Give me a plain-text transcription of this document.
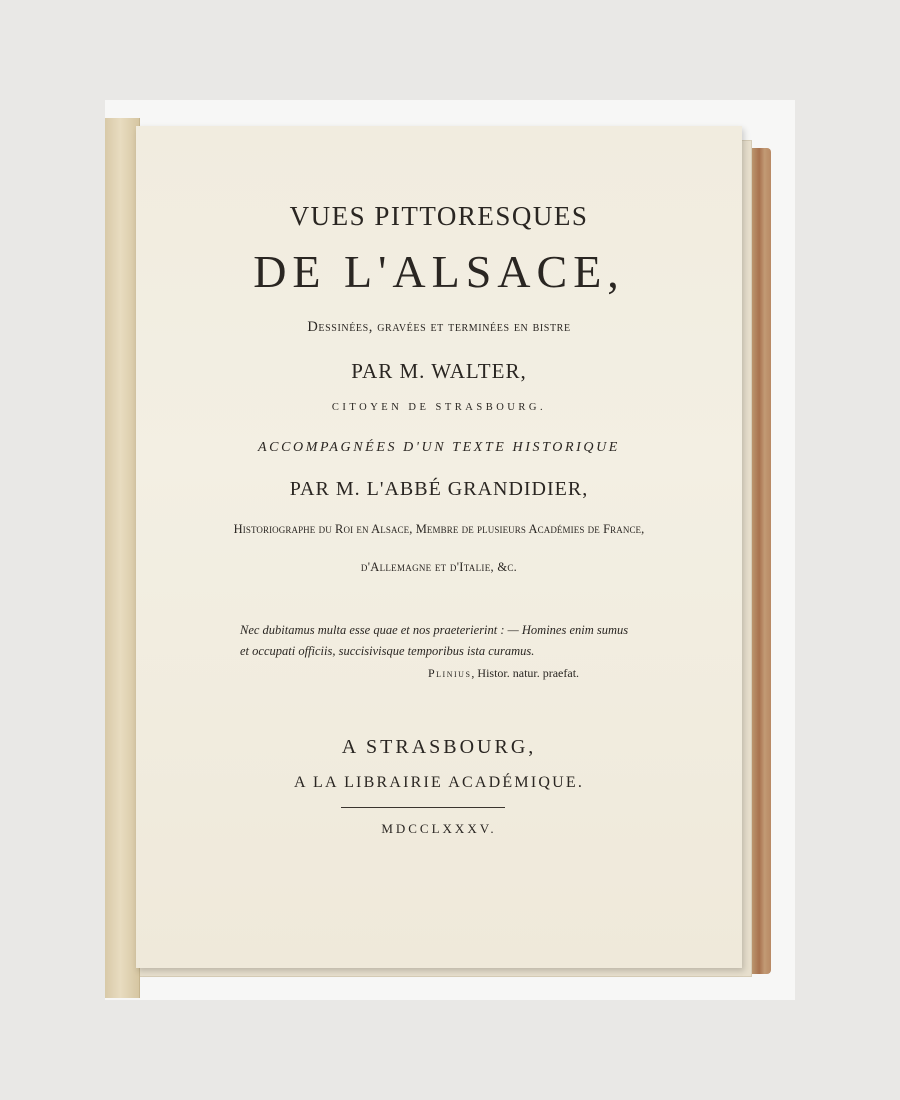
VUES PITTORESQUES
DE L'ALSACE,
Dessinées, gravées et terminées en bistre
PAR M. WALTER,
CITOYEN DE STRASBOURG.
ACCOMPAGNÉES D'UN TEXTE HISTORIQUE
PAR M. L'ABBÉ GRANDIDIER,
Historiographe du Roi en Alsace, Membre de plusieurs Académies de France,
d'Allemagne et d'Italie, &c.
Nec dubitamus multa esse quae et nos praeterierint : — Homines enim sumus
et occupati officiis, succisivisque temporibus ista curamus.
Plinius, Histor. natur. praefat.
A STRASBOURG,
A LA LIBRAIRIE ACADÉMIQUE.
MDCCLXXXV.
